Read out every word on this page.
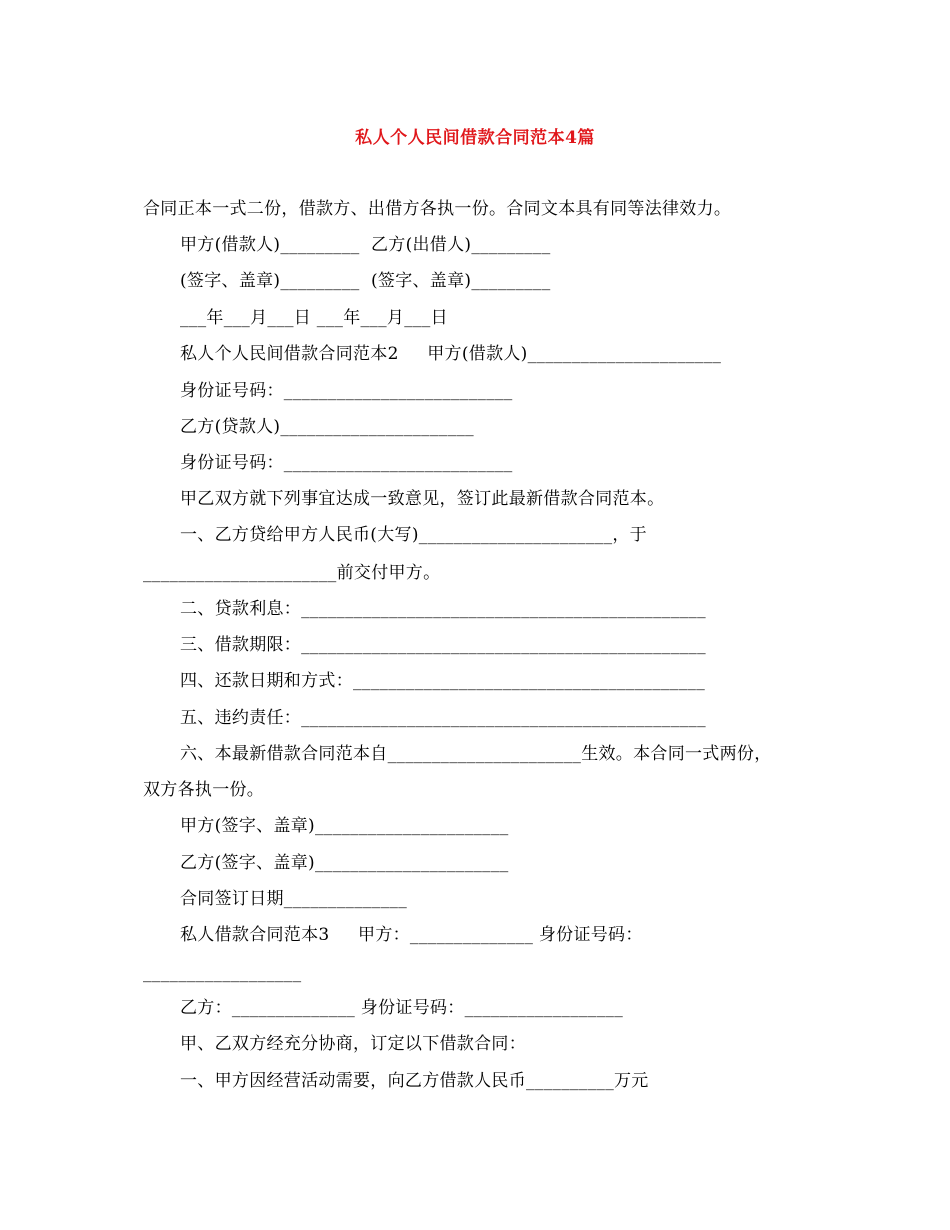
私人个人民间借款合同范本4篇
合同正本一式二份，借款方、出借方各执一份。合同文本具有同等法律效力。
甲方(借款人)_________  乙方(出借人)_________
(签字、盖章)_________  (签字、盖章)_________
___年___月___日 ___年___月___日
私人个人民间借款合同范本2     甲方(借款人)______________________
身份证号码：__________________________
乙方(贷款人)______________________
身份证号码：__________________________
甲乙双方就下列事宜达成一致意见，签订此最新借款合同范本。
一、乙方贷给甲方人民币(大写)______________________，于
______________________前交付甲方。
二、贷款利息：______________________________________________
三、借款期限：______________________________________________
四、还款日期和方式：________________________________________
五、违约责任：______________________________________________
六、本最新借款合同范本自______________________生效。本合同一式两份，
双方各执一份。
甲方(签字、盖章)______________________
乙方(签字、盖章)______________________
合同签订日期______________
私人借款合同范本3     甲方：______________ 身份证号码：
__________________
乙方：______________ 身份证号码：__________________
甲、乙双方经充分协商，订定以下借款合同：
一、甲方因经营活动需要，向乙方借款人民币__________万元
